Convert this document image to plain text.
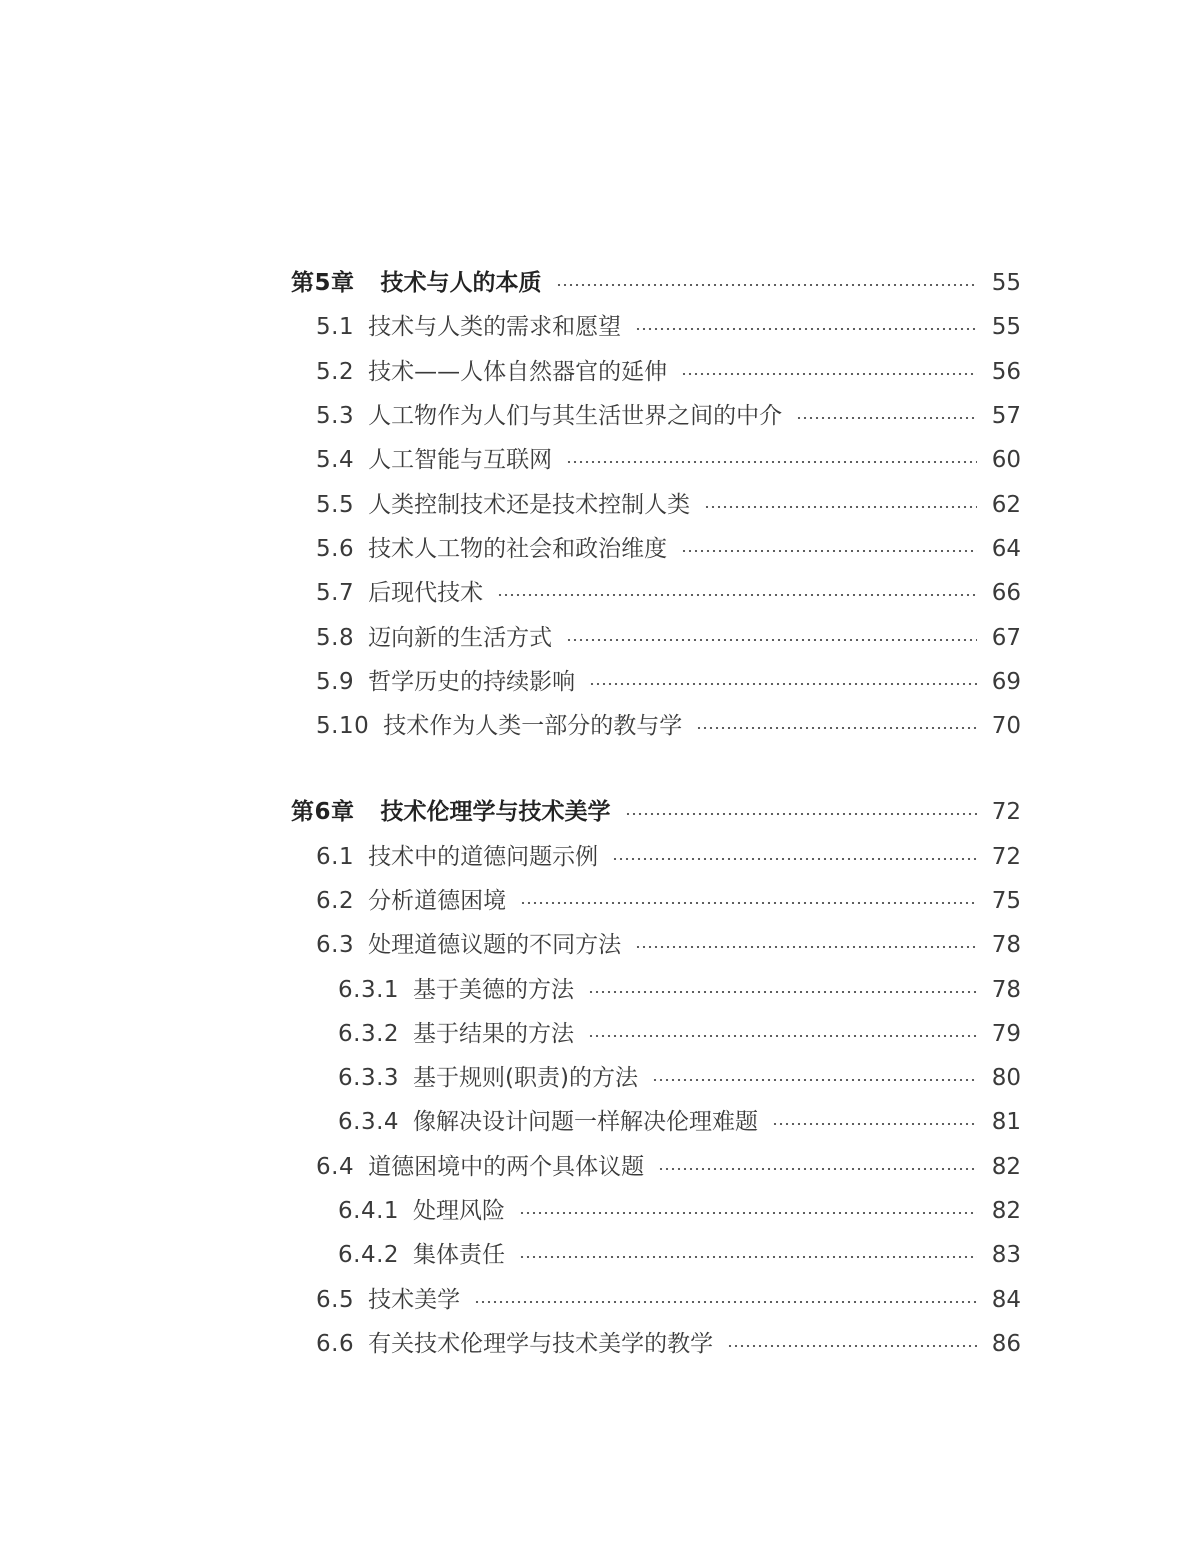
第5章 技术与人的本质	55
5.1 技术与人类的需求和愿望	55
5.2 技术——人体自然器官的延伸	56
5.3 人工物作为人们与其生活世界之间的中介	57
5.4 人工智能与互联网	60
5.5 人类控制技术还是技术控制人类	62
5.6 技术人工物的社会和政治维度	64
5.7 后现代技术	66
5.8 迈向新的生活方式	67
5.9 哲学历史的持续影响	69
5.10 技术作为人类一部分的教与学	70
第6章 技术伦理学与技术美学	72
6.1 技术中的道德问题示例	72
6.2 分析道德困境	75
6.3 处理道德议题的不同方法	78
6.3.1 基于美德的方法	78
6.3.2 基于结果的方法	79
6.3.3 基于规则(职责)的方法	80
6.3.4 像解决设计问题一样解决伦理难题	81
6.4 道德困境中的两个具体议题	82
6.4.1 处理风险	82
6.4.2 集体责任	83
6.5 技术美学	84
6.6 有关技术伦理学与技术美学的教学	86
